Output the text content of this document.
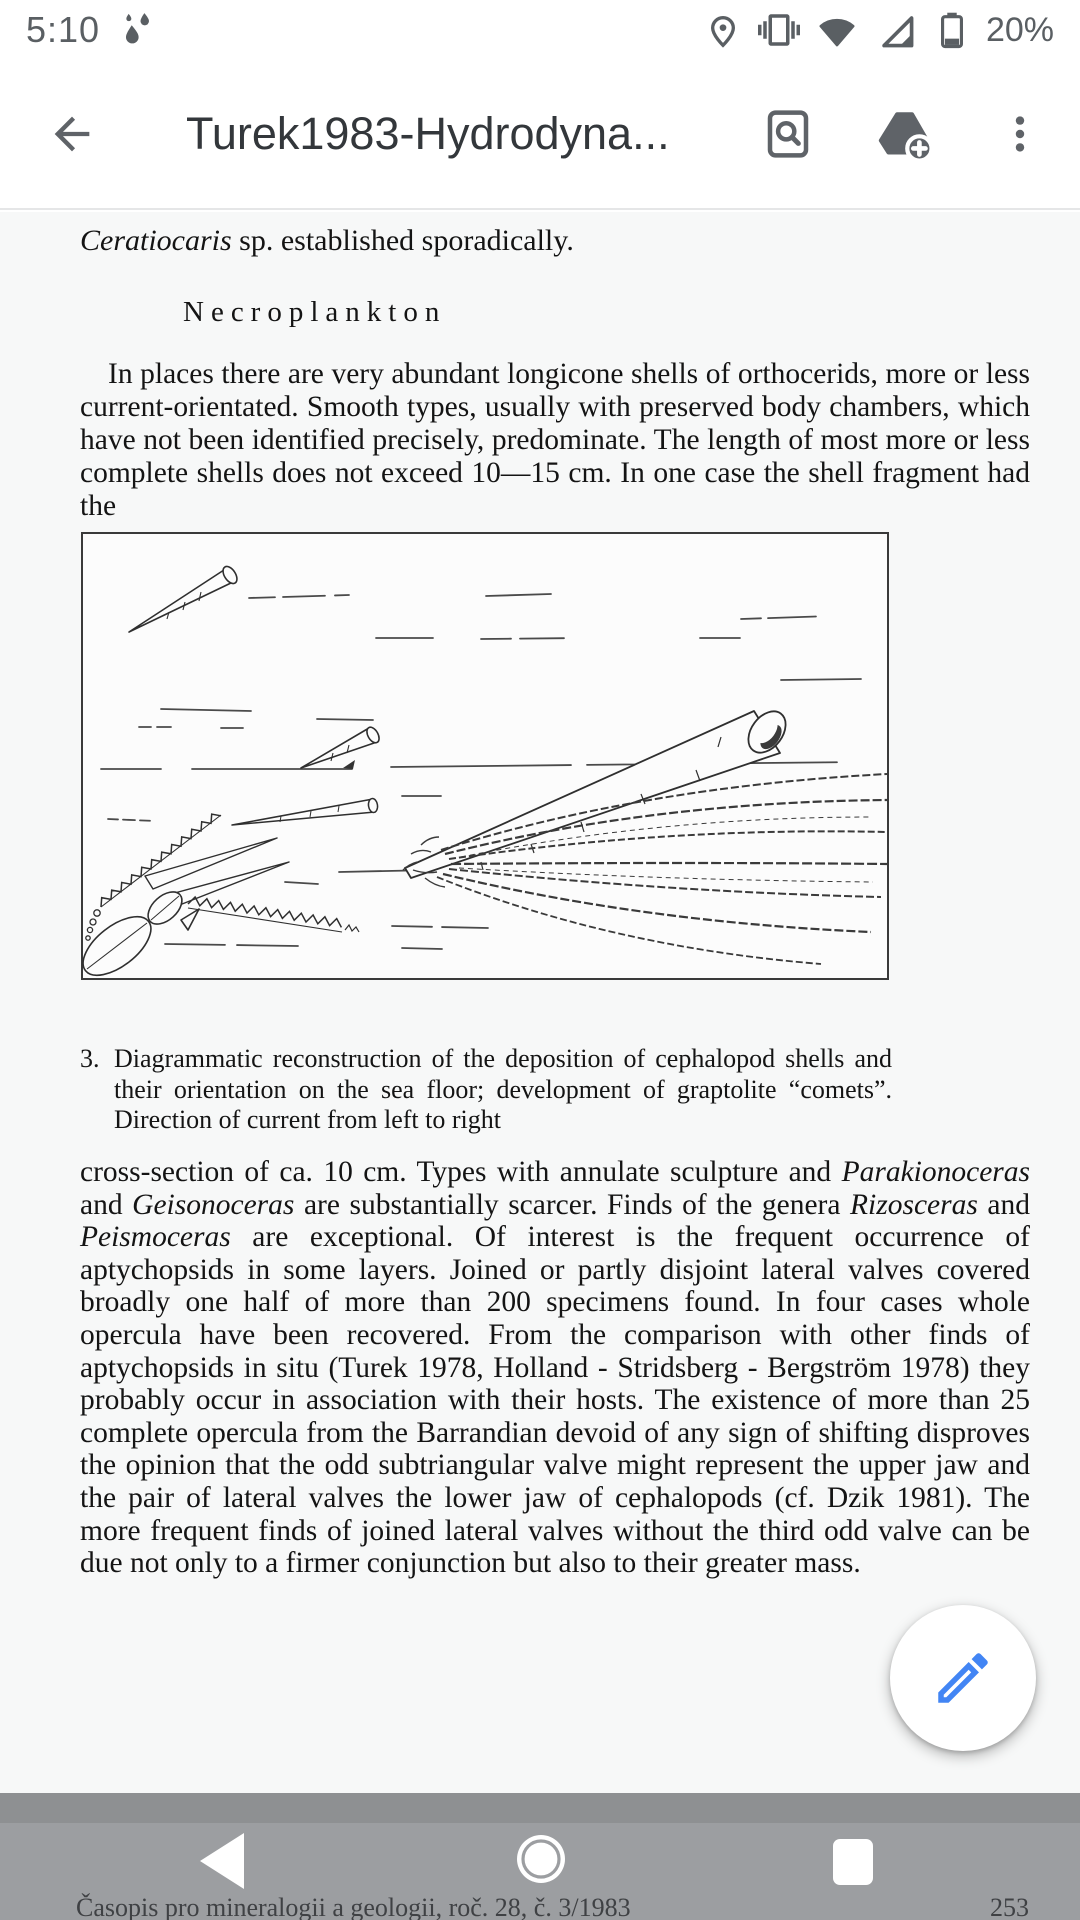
5:10	20%
Turek1983-Hydrodyna...
Ceratiocaris sp. established sporadically.
Necroplankton
In places there are very abundant longicone shells of orthocerids, more or less current-orientated. Smooth types, usually with preserved body chambers, which have not been identified precisely, predominate. The length of most more or less complete shells does not exceed 10—15 cm. In one case the shell fragment had the
3. Diagrammatic reconstruction of the deposition of cephalopod shells and their orientation on the sea floor; development of graptolite “comets”. Direction of current from left to right
cross-section of ca. 10 cm. Types with annulate sculpture and Parakionoceras and Geisonoceras are substantially scarcer. Finds of the genera Rizosceras and Peismoceras are exceptional. Of interest is the frequent occurrence of aptychopsids in some layers. Joined or partly disjoint lateral valves covered broadly one half of more than 200 specimens found. In four cases whole opercula have been recovered. From the comparison with other finds of aptychopsids in situ (Turek 1978, Holland - Stridsberg - Bergström 1978) they probably occur in association with their hosts. The existence of more than 25 complete opercula from the Barrandian devoid of any sign of shifting disproves the opinion that the odd subtriangular valve might represent the upper jaw and the pair of lateral valves the lower jaw of cephalopods (cf. Dzik 1981). The more frequent finds of joined lateral valves without the third odd valve can be due not only to a firmer conjunction but also to their greater mass.
Časopis pro mineralogii a geologii, roč. 28, č. 3/1983	253
